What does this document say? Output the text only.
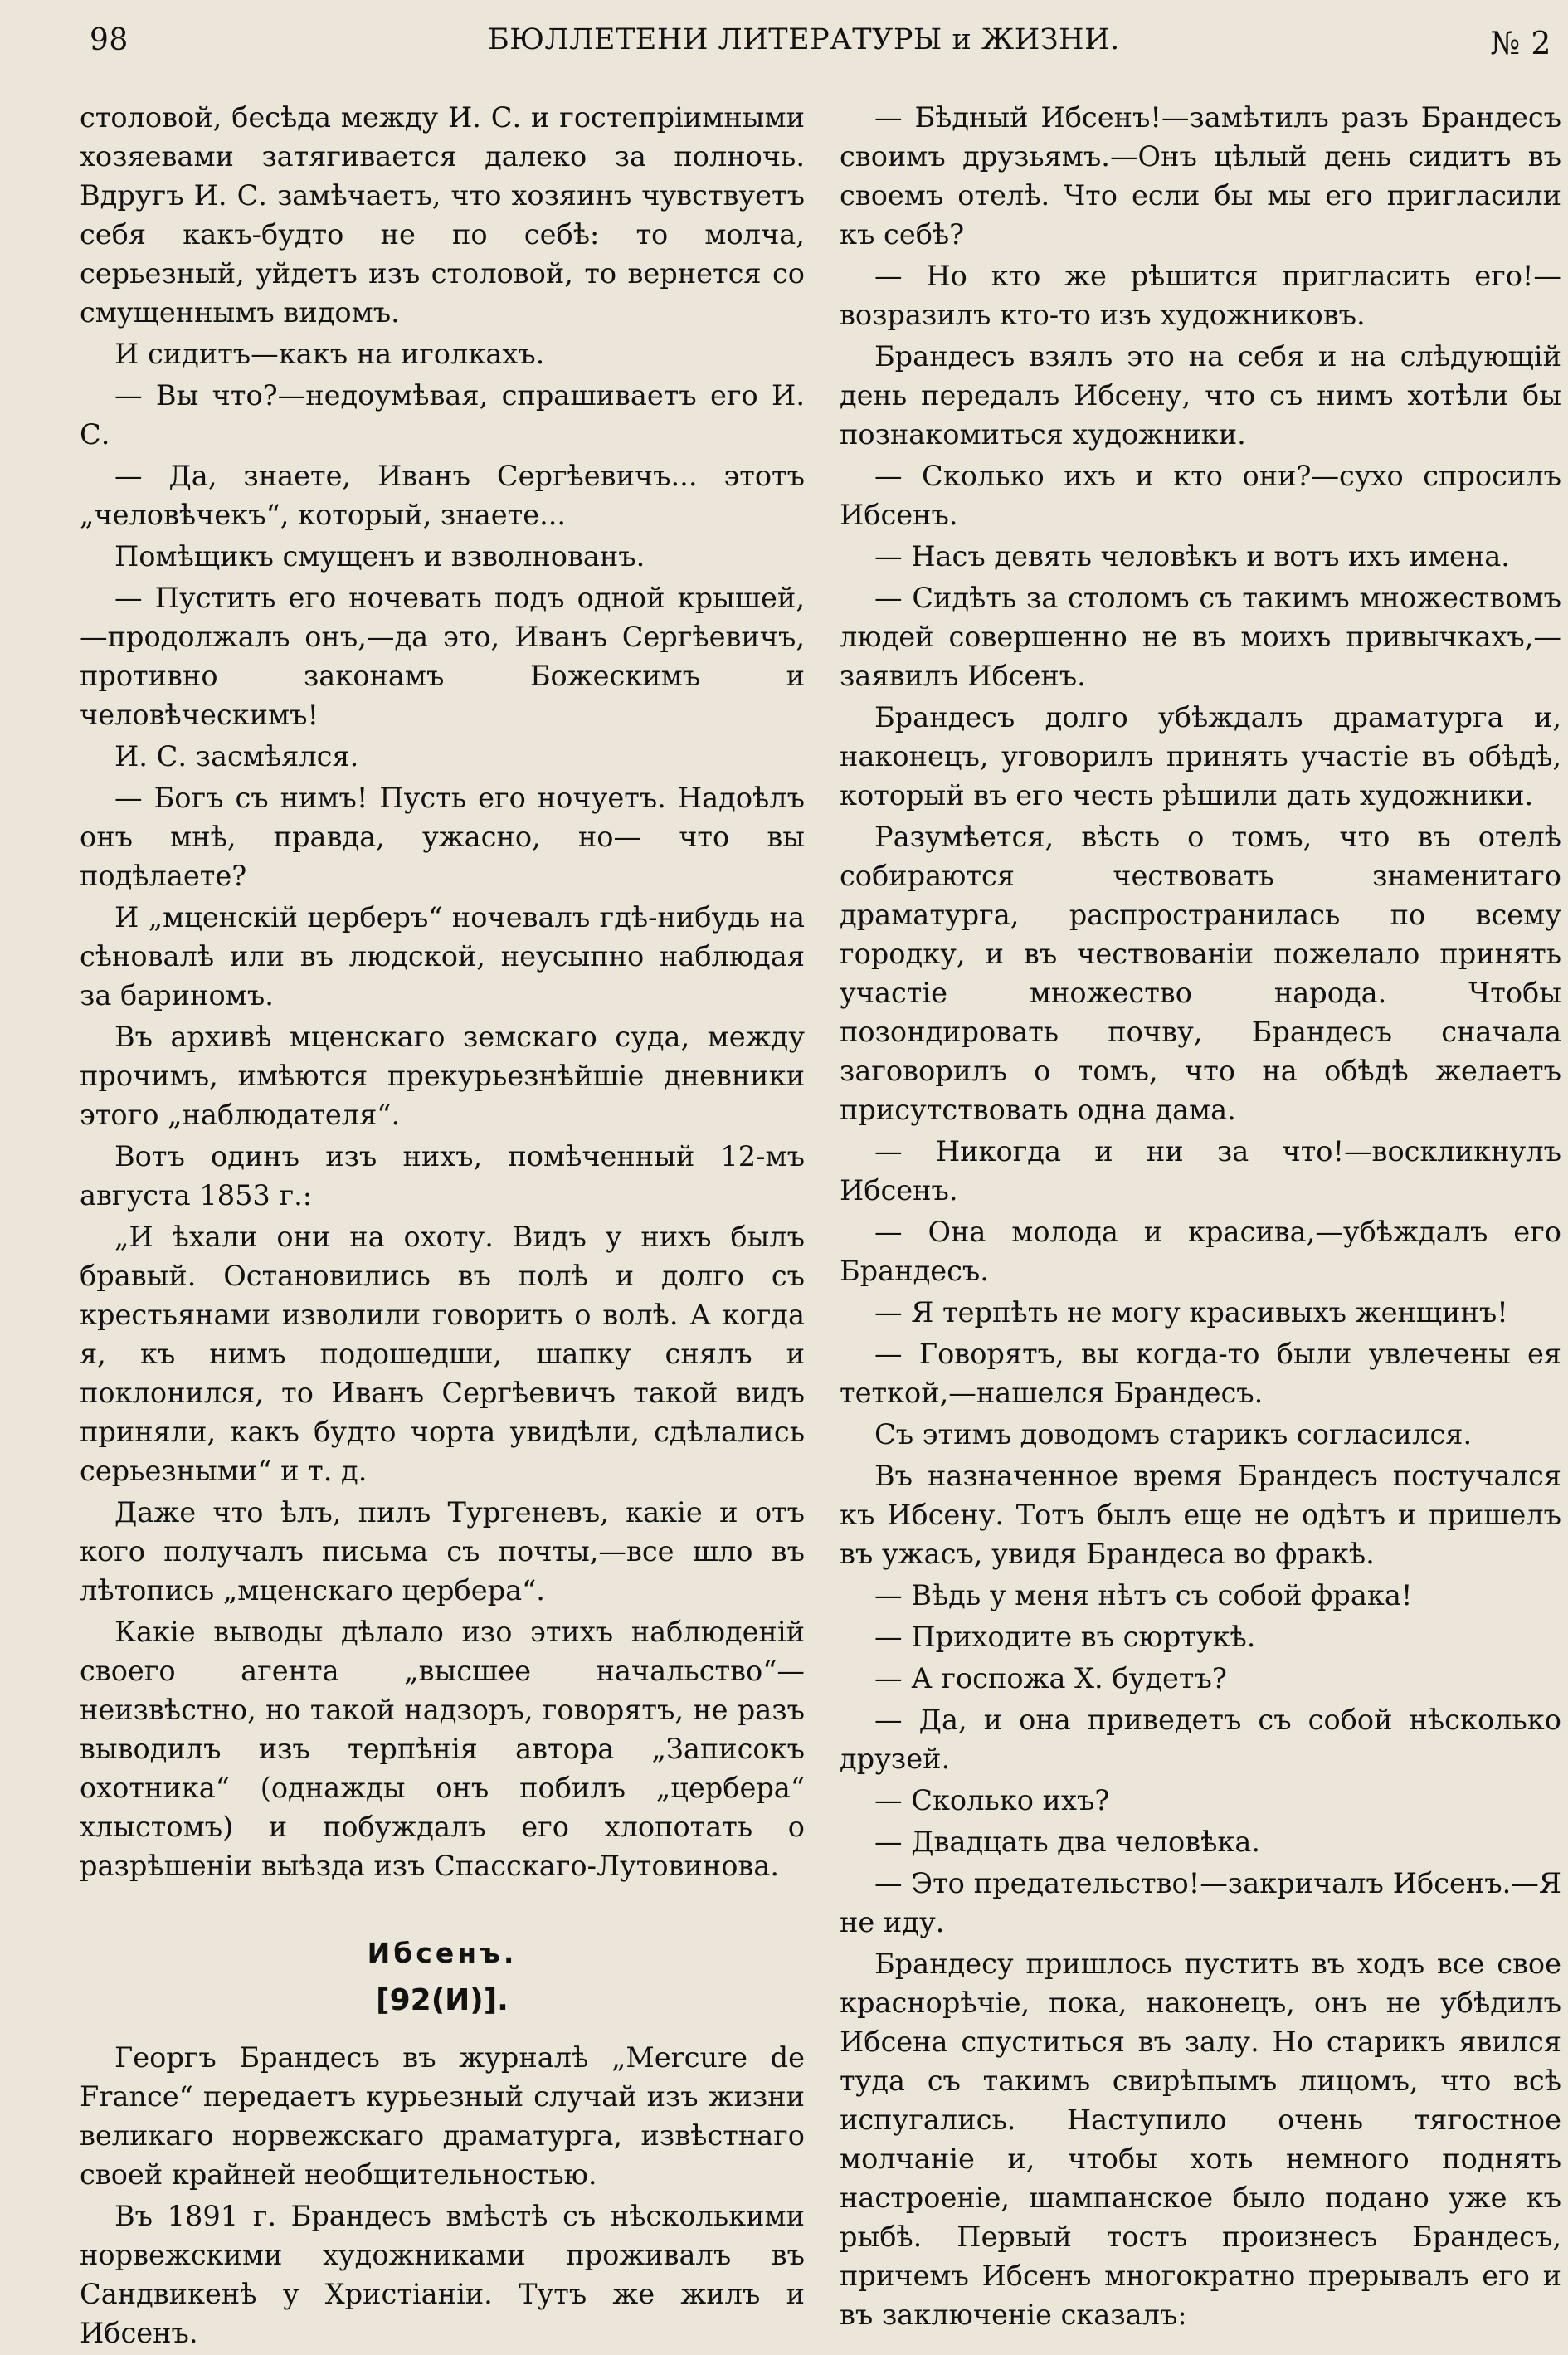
98	БЮЛЛЕТЕНИ ЛИТЕРАТУРЫ и ЖИЗНИ.	№ 2

столовой, бесѣда между И. С. и гостепріимными хозяевами затягивается далеко за полночь. Вдругъ И. С. замѣчаетъ, что хозяинъ чувствуетъ себя какъ-будто не по себѣ: то молча, серьезный, уйдетъ изъ столовой, то вернется со смущеннымъ видомъ.

И сидитъ—какъ на иголкахъ.

— Вы что?—недоумѣвая, спрашиваетъ его И. С.

— Да, знаете, Иванъ Сергѣевичъ... этотъ „человѣчекъ“, который, знаете...

Помѣщикъ смущенъ и взволнованъ.

— Пустить его ночевать подъ одной крышей,—продолжалъ онъ,—да это, Иванъ Сергѣевичъ, противно законамъ Божескимъ и человѣческимъ!

И. С. засмѣялся.

— Богъ съ нимъ! Пусть его ночуетъ. Надоѣлъ онъ мнѣ, правда, ужасно, но— что вы подѣлаете?

И „мценскій церберъ“ ночевалъ гдѣ-нибудь на сѣновалѣ или въ людской, неусыпно наблюдая за бариномъ.

Въ архивѣ мценскаго земскаго суда, между прочимъ, имѣются прекурьезнѣйшіе дневники этого „наблюдателя“.

Вотъ одинъ изъ нихъ, помѣченный 12-мъ августа 1853 г.:

„И ѣхали они на охоту. Видъ у нихъ былъ бравый. Остановились въ полѣ и долго съ крестьянами изволили говорить о волѣ. А когда я, къ нимъ подошедши, шапку снялъ и поклонился, то Иванъ Сергѣевичъ такой видъ приняли, какъ будто чорта увидѣли, сдѣлались серьезными“ и т. д.

Даже что ѣлъ, пилъ Тургеневъ, какіе и отъ кого получалъ письма съ почты,—все шло въ лѣтопись „мценскаго цербера“.

Какіе выводы дѣлало изо этихъ наблюденій своего агента „высшее начальство“—неизвѣстно, но такой надзоръ, говорятъ, не разъ выводилъ изъ терпѣнія автора „Записокъ охотника“ (однажды онъ побилъ „цербера“ хлыстомъ) и побуждалъ его хлопотать о разрѣшеніи выѣзда изъ Спасскаго-Лутовинова.

Ибсенъ.
[92(И)].

Георгъ Брандесъ въ журналѣ „Mercure de France“ передаетъ курьезный случай изъ жизни великаго норвежскаго драматурга, извѣстнаго своей крайней необщительностью.

Въ 1891 г. Брандесъ вмѣстѣ съ нѣсколькими норвежскими художниками проживалъ въ Сандвикенѣ у Христіаніи. Тутъ же жилъ и Ибсенъ.

— Бѣдный Ибсенъ!—замѣтилъ разъ Брандесъ своимъ друзьямъ.—Онъ цѣлый день сидитъ въ своемъ отелѣ. Что если бы мы его пригласили къ себѣ?

— Но кто же рѣшится пригласить его!—возразилъ кто-то изъ художниковъ.

Брандесъ взялъ это на себя и на слѣдующій день передалъ Ибсену, что съ нимъ хотѣли бы познакомиться художники.

— Сколько ихъ и кто они?—сухо спросилъ Ибсенъ.

— Насъ девять человѣкъ и вотъ ихъ имена.

— Сидѣть за столомъ съ такимъ множествомъ людей совершенно не въ моихъ привычкахъ,—заявилъ Ибсенъ.

Брандесъ долго убѣждалъ драматурга и, наконецъ, уговорилъ принять участіе въ обѣдѣ, который въ его честь рѣшили дать художники.

Разумѣется, вѣсть о томъ, что въ отелѣ собираются чествовать знаменитаго драматурга, распространилась по всему городку, и въ чествованіи пожелало принять участіе множество народа. Чтобы позондировать почву, Брандесъ сначала заговорилъ о томъ, что на обѣдѣ желаетъ присутствовать одна дама.

— Никогда и ни за что!—воскликнулъ Ибсенъ.

— Она молода и красива,—убѣждалъ его Брандесъ.

— Я терпѣть не могу красивыхъ женщинъ!

— Говорятъ, вы когда-то были увлечены ея теткой,—нашелся Брандесъ.

Съ этимъ доводомъ старикъ согласился.

Въ назначенное время Брандесъ постучался къ Ибсену. Тотъ былъ еще не одѣтъ и пришелъ въ ужасъ, увидя Брандеса во фракѣ.

— Вѣдь у меня нѣтъ съ собой фрака!

— Приходите въ сюртукѣ.

— А госпожа Х. будетъ?

— Да, и она приведетъ съ собой нѣсколько друзей.

— Сколько ихъ?

— Двадцать два человѣка.

— Это предательство!—закричалъ Ибсенъ.—Я не иду.

Брандесу пришлось пустить въ ходъ все свое краснорѣчіе, пока, наконецъ, онъ не убѣдилъ Ибсена спуститься въ залу. Но старикъ явился туда съ такимъ свирѣпымъ лицомъ, что всѣ испугались. Наступило очень тягостное молчаніе и, чтобы хоть немного поднять настроеніе, шампанское было подано уже къ рыбѣ. Первый тостъ произнесъ Брандесъ, причемъ Ибсенъ многократно прерывалъ его и въ заключеніе сказалъ:
